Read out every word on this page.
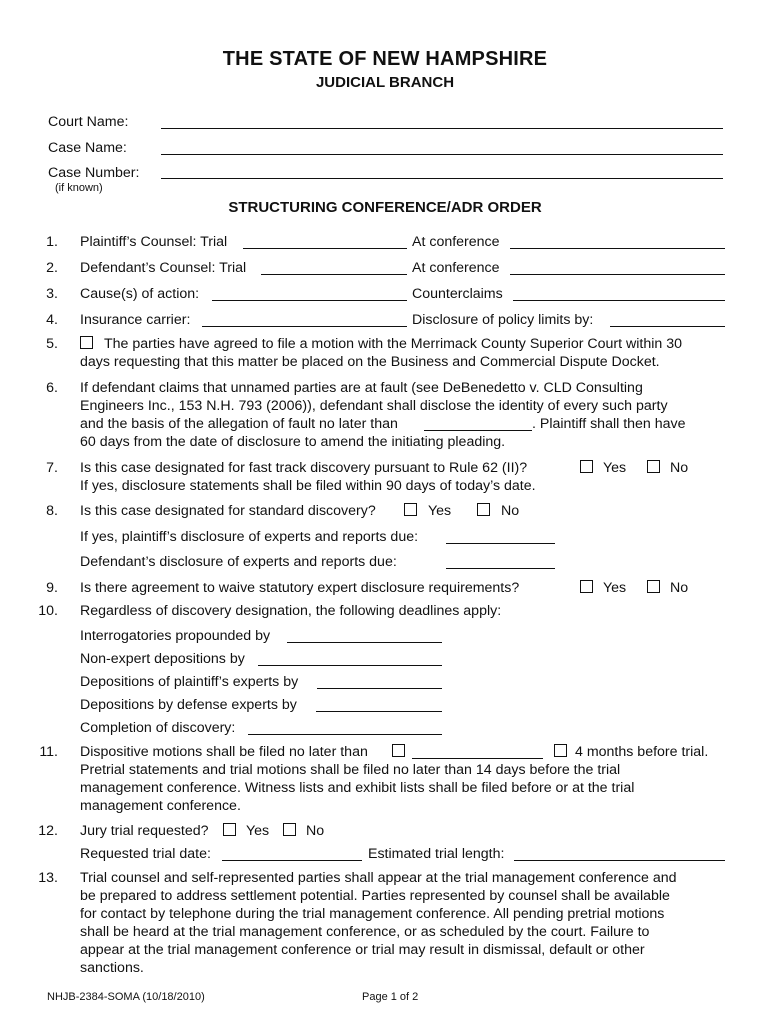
THE STATE OF NEW HAMPSHIRE
JUDICIAL BRANCH
Court Name:
Case Name:
Case Number:
(if known)
STRUCTURING CONFERENCE/ADR ORDER
1. Plaintiff’s Counsel: Trial	At conference
2. Defendant’s Counsel: Trial	At conference
3. Cause(s) of action:	Counterclaims
4. Insurance carrier:	Disclosure of policy limits by:
5.	The parties have agreed to file a motion with the Merrimack County Superior Court within 30
days requesting that this matter be placed on the Business and Commercial Dispute Docket.
6. If defendant claims that unnamed parties are at fault (see DeBenedetto v. CLD Consulting
Engineers Inc., 153 N.H. 793 (2006)), defendant shall disclose the identity of every such party
and the basis of the allegation of fault no later than	. Plaintiff shall then have
60 days from the date of disclosure to amend the initiating pleading.
7. Is this case designated for fast track discovery pursuant to Rule 62 (II)?	Yes	No
If yes, disclosure statements shall be filed within 90 days of today’s date.
8. Is this case designated for standard discovery?	Yes	No
If yes, plaintiff’s disclosure of experts and reports due:
Defendant’s disclosure of experts and reports due:
9. Is there agreement to waive statutory expert disclosure requirements?	Yes	No
10. Regardless of discovery designation, the following deadlines apply:
Interrogatories propounded by
Non-expert depositions by
Depositions of plaintiff’s experts by
Depositions by defense experts by
Completion of discovery:
11. Dispositive motions shall be filed no later than	4 months before trial.
Pretrial statements and trial motions shall be filed no later than 14 days before the trial
management conference. Witness lists and exhibit lists shall be filed before or at the trial
management conference.
12. Jury trial requested?	Yes	No
Requested trial date:	Estimated trial length:
13. Trial counsel and self-represented parties shall appear at the trial management conference and
be prepared to address settlement potential. Parties represented by counsel shall be available
for contact by telephone during the trial management conference. All pending pretrial motions
shall be heard at the trial management conference, or as scheduled by the court. Failure to
appear at the trial management conference or trial may result in dismissal, default or other
sanctions.
NHJB-2384-SOMA (10/18/2010)	Page 1 of 2
